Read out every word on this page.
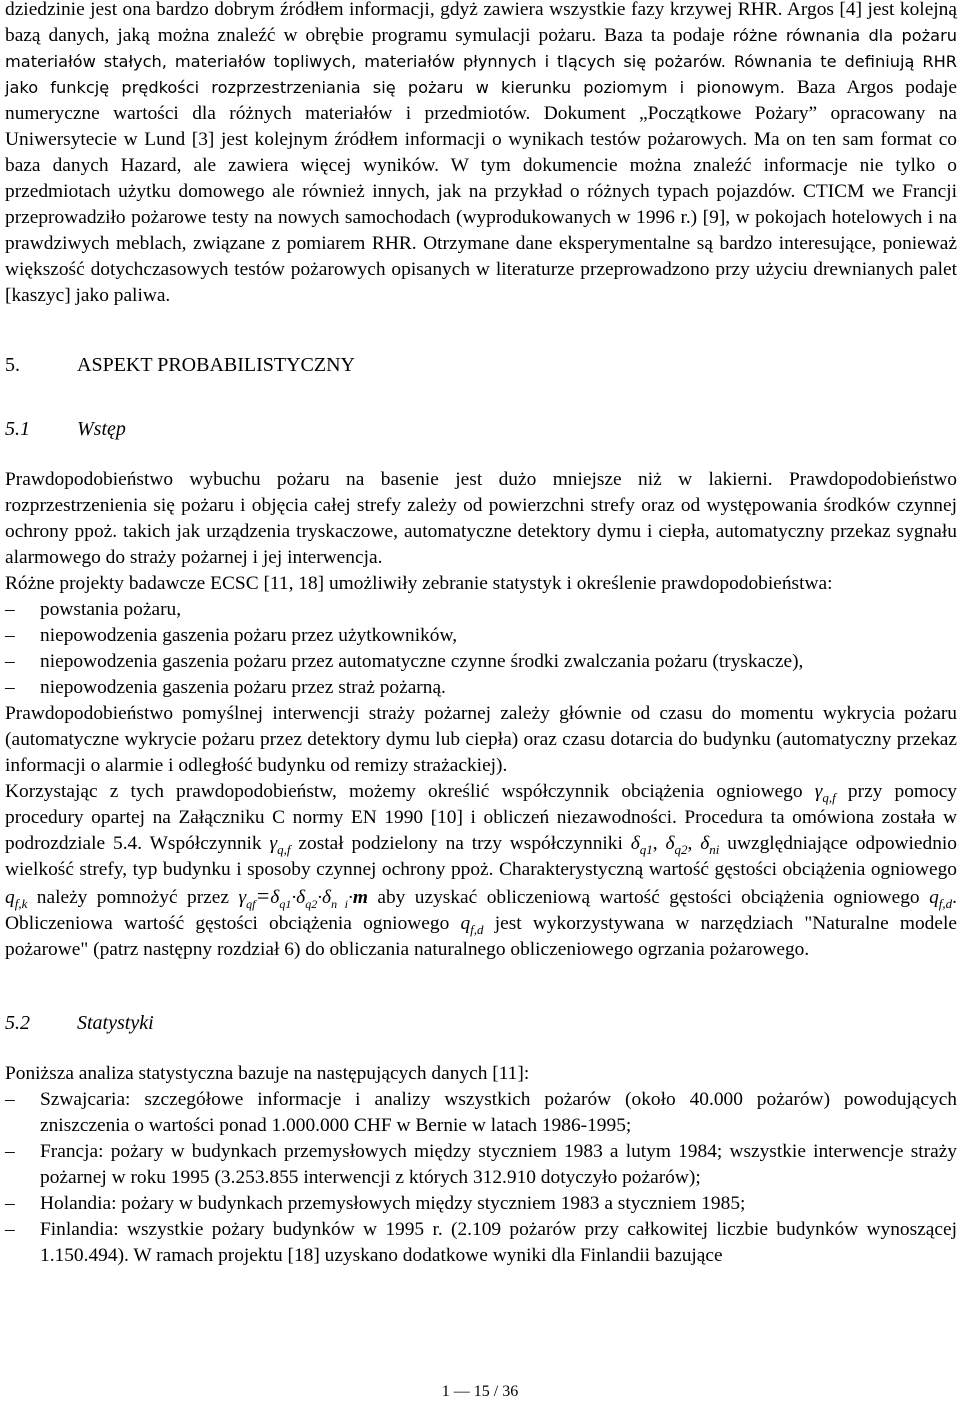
dziedzinie jest ona bardzo dobrym źródłem informacji, gdyż zawiera wszystkie fazy krzywej RHR. Argos [4] jest kolejną bazą danych, jaką można znaleźć w obrębie programu symulacji pożaru. Baza ta podaje różne równania dla pożaru materiałów stałych, materiałów topliwych, materiałów płynnych i tlących się pożarów. Równania te definiują RHR jako funkcję prędkości rozprzestrzeniania się pożaru w kierunku poziomym i pionowym. Baza Argos podaje numeryczne wartości dla różnych materiałów i przedmiotów. Dokument „Początkowe Pożary” opracowany na Uniwersytecie w Lund [3] jest kolejnym źródłem informacji o wynikach testów pożarowych. Ma on ten sam format co baza danych Hazard, ale zawiera więcej wyników. W tym dokumencie można znaleźć informacje nie tylko o przedmiotach użytku domowego ale również innych, jak na przykład o różnych typach pojazdów. CTICM we Francji przeprowadziło pożarowe testy na nowych samochodach (wyprodukowanych w 1996 r.) [9], w pokojach hotelowych i na prawdziwych meblach, związane z pomiarem RHR. Otrzymane dane eksperymentalne są bardzo interesujące, ponieważ większość dotychczasowych testów pożarowych opisanych w literaturze przeprowadzono przy użyciu drewnianych palet [kaszyc] jako paliwa.

5.	ASPEKT PROBABILISTYCZNY
5.1 Wstęp

Prawdopodobieństwo wybuchu pożaru na basenie jest dużo mniejsze niż w lakierni. Prawdopodobieństwo rozprzestrzenienia się pożaru i objęcia całej strefy zależy od powierzchni strefy oraz od występowania środków czynnej ochrony ppoż. takich jak urządzenia tryskaczowe, automatyczne detektory dymu i ciepła, automatyczny przekaz sygnału alarmowego do straży pożarnej i jej interwencja.

Różne projekty badawcze ECSC [11, 18] umożliwiły zebranie statystyk i określenie prawdopodobieństwa:

– powstania pożaru,
– niepowodzenia gaszenia pożaru przez użytkowników,
– niepowodzenia gaszenia pożaru przez automatyczne czynne środki zwalczania pożaru (tryskacze),
– niepowodzenia gaszenia pożaru przez straż pożarną.

Prawdopodobieństwo pomyślnej interwencji straży pożarnej zależy głównie od czasu do momentu wykrycia pożaru (automatyczne wykrycie pożaru przez detektory dymu lub ciepła) oraz czasu dotarcia do budynku (automatyczny przekaz informacji o alarmie i odległość budynku od remizy strażackiej).

Korzystając z tych prawdopodobieństw, możemy określić współczynnik obciążenia ogniowego $\gamma_{q,f}$ przy pomocy procedury opartej na Załączniku C normy EN 1990 [10] i obliczeń niezawodności. Procedura ta omówiona została w podrozdziale 5.4. Współczynnik $\gamma_{q,f}$ został podzielony na trzy współczynniki $\delta_{q1}$, $\delta_{q2}$, $\delta_{ni}$ uwzględniające odpowiednio wielkość strefy, typ budynku i sposoby czynnej ochrony ppoż. Charakterystyczną wartość gęstości obciążenia ogniowego $q_{f,k}$ należy pomnożyć przez $\gamma_{qf}=\delta_{q1}\cdot\delta_{q2}\cdot\delta_{n i}\cdot m$ aby uzyskać obliczeniową wartość gęstości obciążenia ogniowego $q_{f,d}$. Obliczeniowa wartość gęstości obciążenia ogniowego $q_{f,d}$ jest wykorzystywana w narzędziach "Naturalne modele pożarowe" (patrz następny rozdział 6) do obliczania naturalnego obliczeniowego ogrzania pożarowego.

5.2 Statystyki

Poniższa analiza statystyczna bazuje na następujących danych [11]:

– Szwajcaria: szczegółowe informacje i analizy wszystkich pożarów (około 40.000 pożarów) powodujących zniszczenia o wartości ponad 1.000.000 CHF w Bernie w latach 1986-1995;
– Francja: pożary w budynkach przemysłowych między styczniem 1983 a lutym 1984; wszystkie interwencje straży pożarnej w roku 1995 (3.253.855 interwencji z których 312.910 dotyczyło pożarów);
– Holandia: pożary w budynkach przemysłowych między styczniem 1983 a styczniem 1985;
– Finlandia: wszystkie pożary budynków w 1995 r. (2.109 pożarów przy całkowitej liczbie budynków wynoszącej 1.150.494). W ramach projektu [18] uzyskano dodatkowe wyniki dla Finlandii bazujące
1 — 15 / 36
